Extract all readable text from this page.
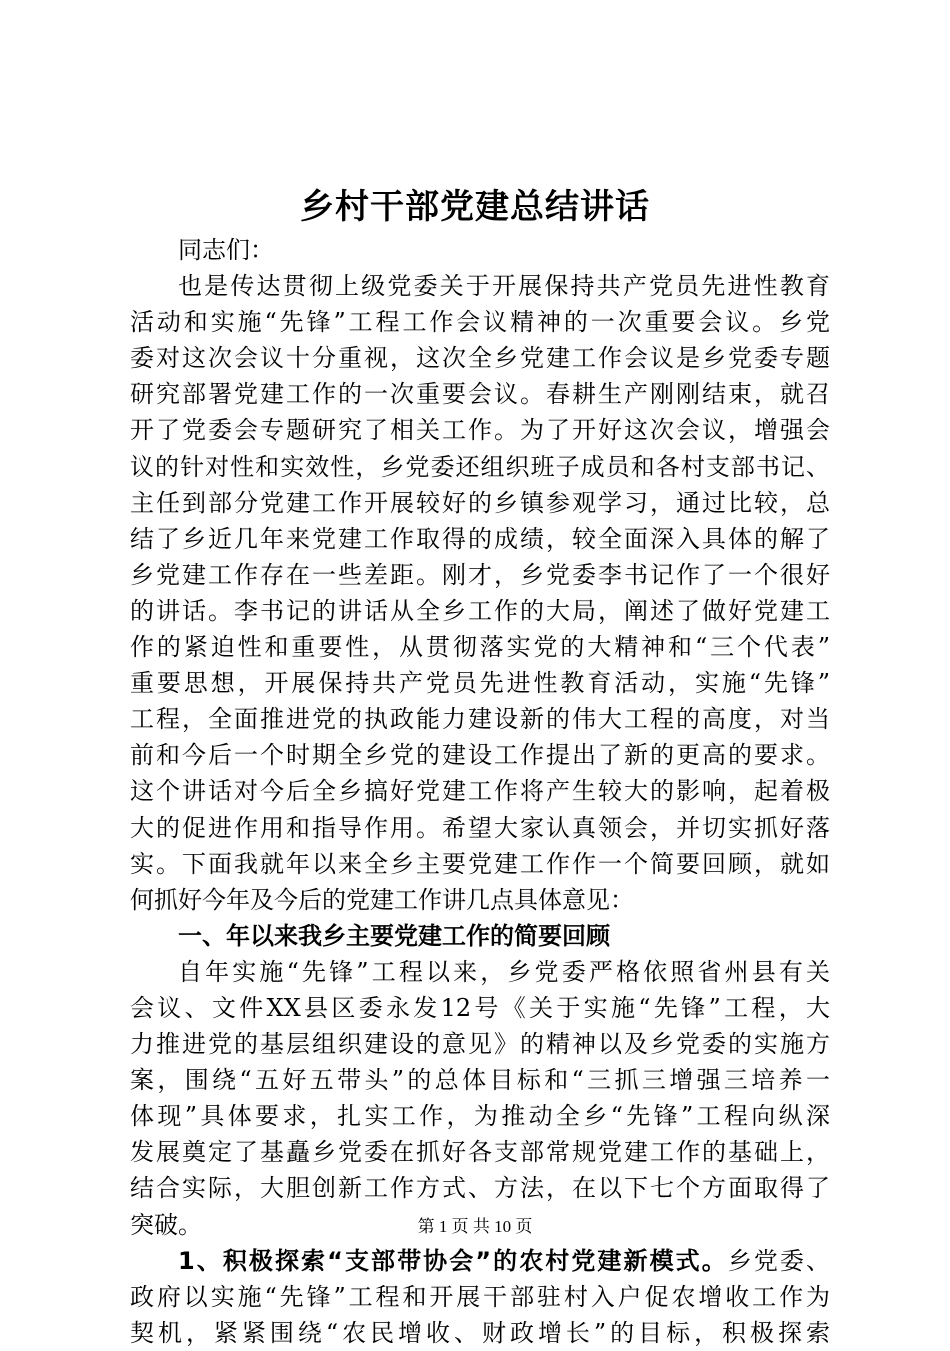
乡村干部党建总结讲话
同志们：
也是传达贯彻上级党委关于开展保持共产党员先进性教育
活动和实施“先锋”工程工作会议精神的一次重要会议。乡党
委对这次会议十分重视，这次全乡党建工作会议是乡党委专题
研究部署党建工作的一次重要会议。春耕生产刚刚结束，就召
开了党委会专题研究了相关工作。为了开好这次会议，增强会
议的针对性和实效性，乡党委还组织班子成员和各村支部书记、
主任到部分党建工作开展较好的乡镇参观学习，通过比较，总
结了乡近几年来党建工作取得的成绩，较全面深入具体的解了
乡党建工作存在一些差距。刚才，乡党委李书记作了一个很好
的讲话。李书记的讲话从全乡工作的大局，阐述了做好党建工
作的紧迫性和重要性，从贯彻落实党的大精神和“三个代表”
重要思想，开展保持共产党员先进性教育活动，实施“先锋”
工程，全面推进党的执政能力建设新的伟大工程的高度，对当
前和今后一个时期全乡党的建设工作提出了新的更高的要求。
这个讲话对今后全乡搞好党建工作将产生较大的影响，起着极
大的促进作用和指导作用。希望大家认真领会，并切实抓好落
实。下面我就年以来全乡主要党建工作作一个简要回顾，就如
何抓好今年及今后的党建工作讲几点具体意见：
一、年以来我乡主要党建工作的简要回顾
自年实施“先锋”工程以来，乡党委严格依照省州县有关
会议、文件XX县区委永发12号《关于实施“先锋”工程，大
力推进党的基层组织建设的意见》的精神以及乡党委的实施方
案，围绕“五好五带头”的总体目标和“三抓三增强三培养一
体现”具体要求，扎实工作，为推动全乡“先锋”工程向纵深
发展奠定了基矗乡党委在抓好各支部常规党建工作的基础上，
结合实际，大胆创新工作方式、方法，在以下七个方面取得了
突破。
1、积极探索“支部带协会”的农村党建新模式。乡党委、
政府以实施“先锋”工程和开展干部驻村入户促农增收工作为
契机，紧紧围绕“农民增收、财政增长”的目标，积极探索
第 1 页 共 10 页
